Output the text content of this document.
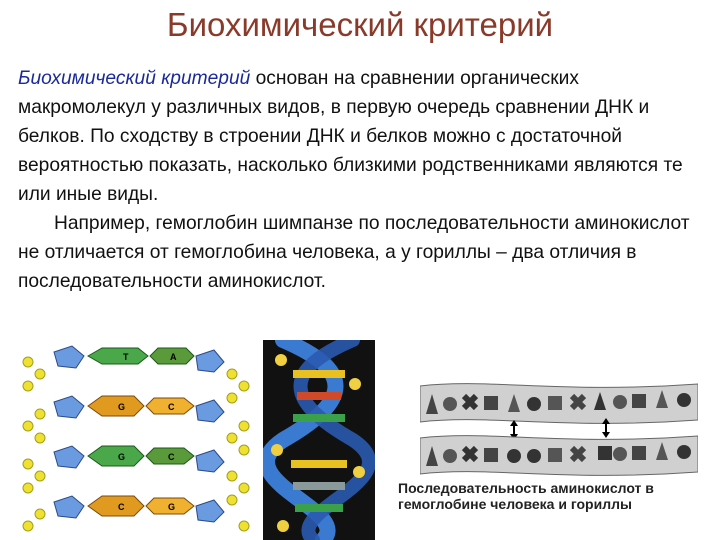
Биохимический критерий
Биохимический критерий основан на сравнении органических макромолекул у различных видов, в первую очередь сравнении ДНК и белков. По сходству в строении ДНК и белков можно с достаточной вероятностью показать, насколько близкими родственниками являются те или иные виды.
Например, гемоглобин шимпанзе по последовательности аминокислот не отличается от гемоглобина человека, а у гориллы – два отличия в последовательности аминокислот.
T	A
G	C
G	C
C	G
Последовательность аминокислот в
гемоглобине человека и гориллы
